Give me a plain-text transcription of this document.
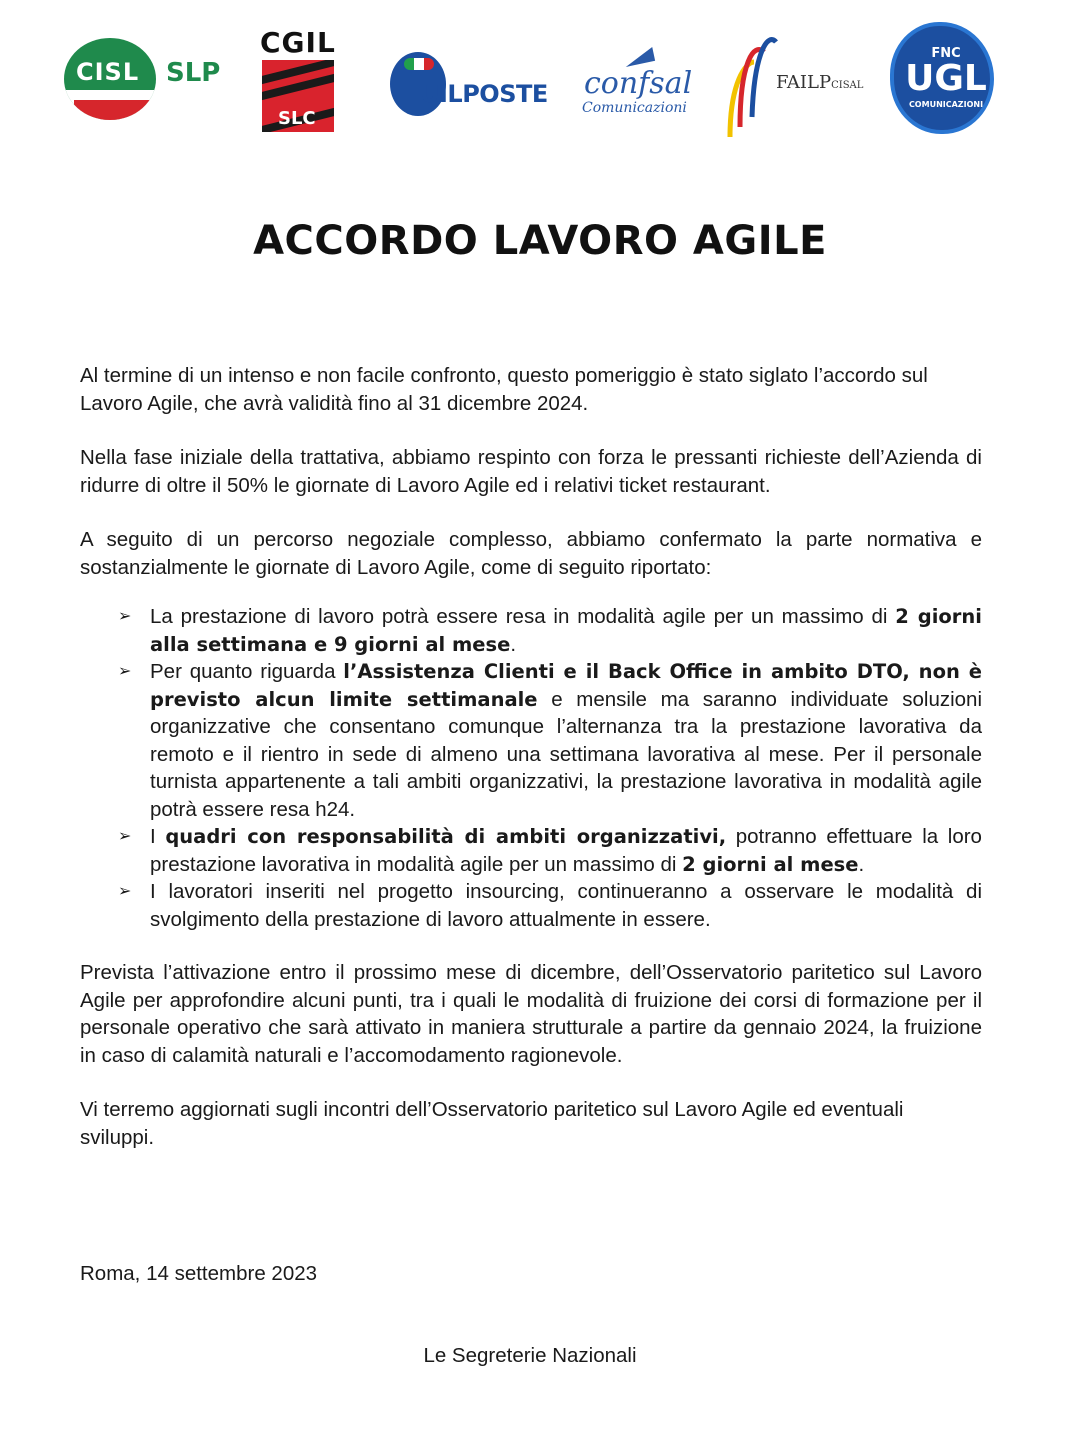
CISL SLP
CGIL
SLC
UILPOSTE confsal
Comunicazioni
FAILPCISAL
FNC
UGL
COMUNICAZIONI
ACCORDO LAVORO AGILE

Al termine di un intenso e non facile confronto, questo pomeriggio è stato siglato l’accordo sul Lavoro Agile, che avrà validità fino al 31 dicembre 2024.

Nella fase iniziale della trattativa, abbiamo respinto con forza le pressanti richieste dell’Azienda di ridurre di oltre il 50% le giornate di Lavoro Agile ed i relativi ticket restaurant.

A seguito di un percorso negoziale complesso, abbiamo confermato la parte normativa e sostanzialmente le giornate di Lavoro Agile, come di seguito riportato:

➢ La prestazione di lavoro potrà essere resa in modalità agile per un massimo di 2 giorni alla settimana e 9 giorni al mese.
➢ Per quanto riguarda l’Assistenza Clienti e il Back Office in ambito DTO, non è previsto alcun limite settimanale e mensile ma saranno individuate soluzioni organizzative che consentano comunque l’alternanza tra la prestazione lavorativa da remoto e il rientro in sede di almeno una settimana lavorativa al mese. Per il personale turnista appartenente a tali ambiti organizzativi, la prestazione lavorativa in modalità agile potrà essere resa h24.
➢ I quadri con responsabilità di ambiti organizzativi, potranno effettuare la loro prestazione lavorativa in modalità agile per un massimo di 2 giorni al mese.
➢ I lavoratori inseriti nel progetto insourcing, continueranno a osservare le modalità di svolgimento della prestazione di lavoro attualmente in essere.

Prevista l’attivazione entro il prossimo mese di dicembre, dell’Osservatorio paritetico sul Lavoro Agile per approfondire alcuni punti, tra i quali le modalità di fruizione dei corsi di formazione per il personale operativo che sarà attivato in maniera strutturale a partire da gennaio 2024, la fruizione in caso di calamità naturali e l’accomodamento ragionevole.

Vi terremo aggiornati sugli incontri dell’Osservatorio paritetico sul Lavoro Agile ed eventuali sviluppi.

Roma, 14 settembre 2023
Le Segreterie Nazionali
